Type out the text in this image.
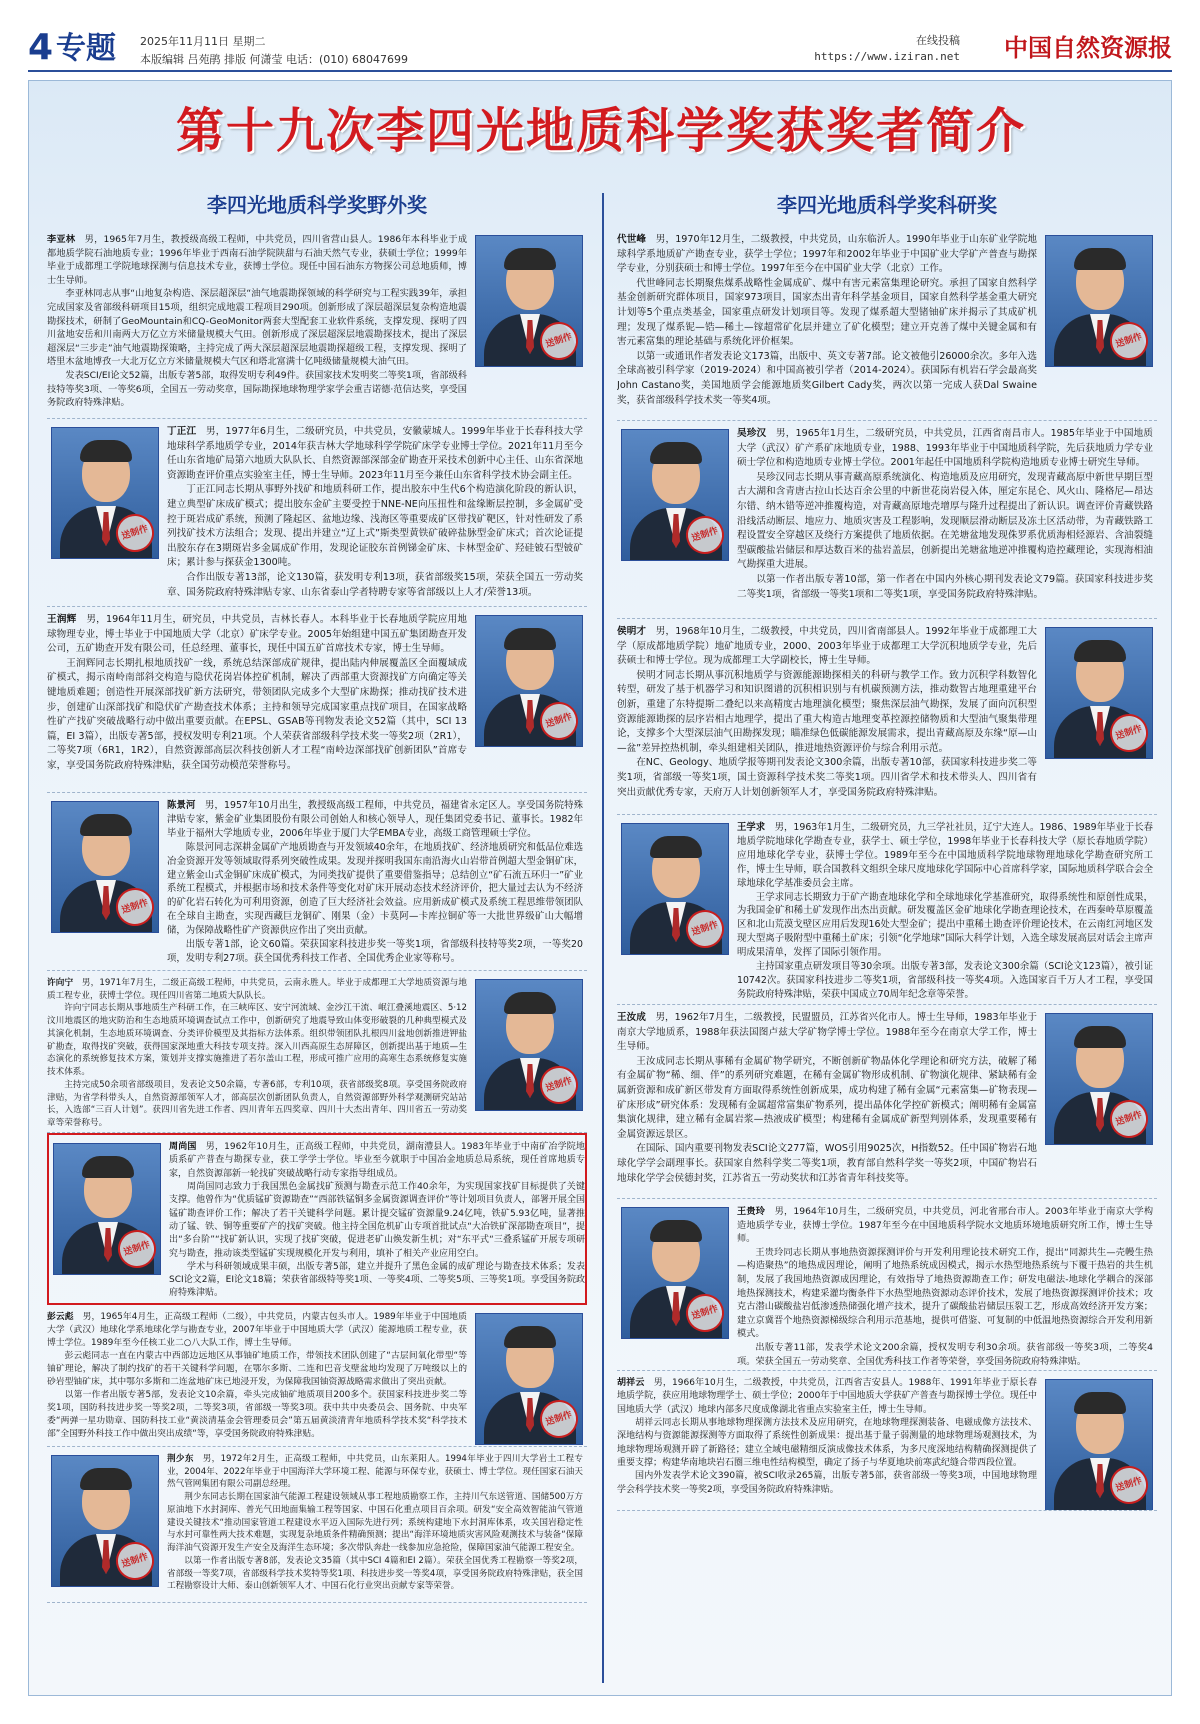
4 专题 2025年11月11日 星期二
本版编辑 吕苑鹃 排版 何潇莹 电话：(010) 68047699
在线投稿
https://www.iziran.net 中国自然资源报
第十九次李四光地质科学奖获奖者简介
李四光地质科学奖野外奖
送制作

李亚林　 男，1965年7月生，教授级高级工程师，中共党员，四川省营山县人。1986年本科毕业于成都地质学院石油地质专业；1996年毕业于西南石油学院陕甜与石油天然气专业，获硕士学位；1999年毕业于成都理工学院地球探测与信息技术专业，获博士学位。现任中国石油东方物探公司总地质师，博士生导师。

李亚林同志从事“山地复杂构造、深层超深层“油气地震勘探领域的科学研究与工程实践39年，承担完成国家及省部级科研项目15项，组织完成地震工程项目290项。创新形成了深层超深层复杂构造地震勘探技术，研制了GeoMountain和CQ-GeoMonitor两套大型配套工业软件系统，支撑发现、探明了四川盆地安岳和川南两大万亿立方米储量规模大气田。创新形成了深层超深层地震勘探技术，提出了深层超深层“三步走”油气地震勘探策略，主持完成了两大深层超深层地震勘探超级工程，支撑发现、探明了塔里木盆地博孜一大北万亿立方米储量规模大气区和塔北富满十亿吨级储量规模大油气田。

发表SCI/EI论文52篇，出版专著5部，取得发明专利49件。获国家技术发明奖二等奖1项，省部级科技特等奖3项、一等奖6项，全国五一劳动奖章，国际勘探地球物理学家学会重吉诺德·范信达奖，享受国务院政府特殊津贴。

送制作

丁正江　 男，1977年6月生，二级研究员，中共党员，安徽蒙城人。1999年毕业于长春科技大学地球科学系地质学专业，2014年获吉林大学地球科学学院矿床学专业博士学位。2021年11月至今任山东省地矿局第六地质大队队长、自然资源部深部金矿勘查开采技术创新中心主任、山东省深地资源勘查评价重点实验室主任，博士生导师。2023年11月至今兼任山东省科学技术协会副主任。

丁正江同志长期从事野外找矿和地质科研工作，提出胶东中生代6个构造演化阶段的新认识，建立典型矿床成矿模式；提出胶东金矿主要受控于NNE-NE向压扭性和盆缘断层控制，多金属矿受控于斑岩成矿系统，预测了隆起区、盆地边缘、浅海区等重要成矿区带找矿靶区，针对性研发了系列找矿技术方法组合；发现、提出并建立“辽上式”斯类型黄铁矿破碎盐脉型金矿床式；首次论证提出胶东存在3期斑岩多金属成矿作用，发现论证胶东首例锑金矿床、卡林型金矿、羟硅铍石型铍矿床；累计参与探获金1300吨。

合作出版专著13部，论文130篇，获发明专利13项，获省部级奖15项，荣获全国五一劳动奖章、国务院政府特殊津贴专家、山东省泰山学者特聘专家等省部级以上人才/荣誉13项。

送制作

王润辉　 男，1964年11月生，研究员，中共党员，吉林长春人。本科毕业于长春地质学院应用地球物理专业，博士毕业于中国地质大学（北京）矿床学专业。2005年始组建中国五矿集团勘查开发公司，五矿勘查开发有限公司，任总经理、董事长，现任中国五矿首席技术专家，博士生导师。

王润辉同志长期扎根地质找矿一线，系统总结深部成矿规律，提出陆内伸展覆盖区全面覆域成矿模式，揭示南岭南部斜交构造与隐伏花岗岩体控矿机制，解决了西部重大资源找矿方向确定等关键地质难题；创造性开展深部找矿新方法研究，带领团队完成多个大型矿床勘探；推动找矿技术进步，创建矿山深部找矿和隐伏矿产勘查技术体系；主持和领导完成国家重点找矿项目，在国家战略性矿产找矿突破战略行动中做出重要贡献。在EPSL、GSAB等刊物发表论文52篇（其中，SCI 13篇，EI 3篇），出版专著5部，授权发明专利21项。个人荣获省部级科学技术奖一等奖2项（2R1），二等奖7项（6R1，1R2），自然资源部高层次科技创新人才工程“南岭边深部找矿创新团队”首席专家，享受国务院政府特殊津贴，获全国劳动模范荣誉称号。

送制作

陈景河　 男，1957年10月出生，教授级高级工程师，中共党员，福建省永定区人。享受国务院特殊津贴专家，紫金矿业集团股份有限公司创始人和核心领导人，现任集团党委书记、董事长。1982年毕业于福州大学地质专业，2006年毕业于厦门大学EMBA专业，高级工商管理硕士学位。

陈景河同志深耕金属矿产地质勘查与开发领域40余年，在地质找矿、经济地质研究和低品位难选冶金资源开发等领域取得系列突破性成果。发现并探明我国东南沿海火山岩带首例超大型金铜矿床，建立紫金山式金铜矿床成矿模式，为同类找矿提供了重要借鉴指导；总结创立“矿石流五环归一”矿业系统工程模式，并根据市场和技术条件等变化对矿床开展动态技术经济评价，把大量过去认为不经济的矿化岩石转化为可利用资源，创造了巨大经济社会效益。应用新成矿模式及系统工程思维带领团队在全球自主勘查，实现西藏巨龙铜矿、刚果（金）卡莫阿—卡库拉铜矿等一大批世界级矿山大幅增储，为保障战略性矿产资源供应作出了突出贡献。

出版专著1部，论文60篇。荣获国家科技进步奖一等奖1项，省部级科技特等奖2项，一等奖20项，发明专利27项。获全国优秀科技工作者、全国优秀企业家等称号。

送制作

许向宁　 男，1971年7月生，二级正高级工程师，中共党员，云南永胜人。毕业于成都理工大学地质资源与地质工程专业，获博士学位。现任四川省第二地质大队队长。

许向宁同志长期从事地质生产科研工作，在三峡库区、安宁河流域、金沙江干流、岷江叠溪地震区、5·12汶川地震区的地灾防治和生态地质环境调查试点工作中，创新研究了地震导致山体变形破裂的几种典型模式及其演化机制，生态地质环境调查、分类评价模型及其指标方法体系。组织带领团队扎根四川盆地创新推进钾盐矿勘查，取得找矿突破，获得国家深地重大科技专项支持。深入川西高原生态屏障区，创新提出基于地质—生态演化的系统修复技术方案，策划并支撑实施推进了若尔盖山工程，形成可推广应用的高寒生态系统修复实施技术体系。

主持完成50余项省部级项目，发表论文50余篇，专著6部，专利10项，获省部级奖8项。享受国务院政府津贴，为省学科带头人，自然资源部领军人才，部高层次创新团队负责人，自然资源部野外科学观测研究站站长，入选部“三百人计划”。获四川省先进工作者、四川青年五四奖章、四川十大杰出青年、四川省五一劳动奖章等荣誉称号。

送制作

周尚国　 男，1962年10月生，正高级工程师，中共党员，湖南澧县人。1983年毕业于中南矿冶学院地质系矿产普查与勘探专业，获工学学士学位。毕业至今就职于中国冶金地质总局系统，现任首席地质专家，自然资源部新一轮找矿突破战略行动专家指导组成员。

周尚国同志致力于我国黑色金属找矿预测与勘查示范工作40余年，为实现国家找矿目标提供了关键支撑。他曾作为“优质锰矿资源勘查”“西部铁锰铜多金属资源调查评价”等计划项目负责人，部署开展全国锰矿勘查评价工作；解决了若干关键科学问题。累计提交锰矿资源量9.24亿吨，铁矿5.93亿吨，显著推动了锰、铁、铜等重要矿产的找矿突破。他主持全国危机矿山专项首批试点“大冶铁矿深部勘查项目”，提出“多台阶”“找矿新认识，实现了找矿突破，促进老矿山焕发新生机；对“东平式“三叠系锰矿开展专项研究与勘查，推动该类型锰矿实现规模化开发与利用，填补了相关产业应用空白。

学术与科研领域成果丰硕，出版专著5部，建立并提升了黑色金属的成矿理论与勘查技术体系；发表SCI论文2篇，EI论文18篇；荣获省部级特等奖1项、一等奖4项、二等奖5项、三等奖1项。享受国务院政府特殊津贴。

送制作

彭云彪　 男，1965年4月生，正高级工程师（二级），中共党员，内蒙古包头市人。1989年毕业于中国地质大学（武汉）地球化学系地球化学与勘查专业，2007年毕业于中国地质大学（武汉）能源地质工程专业，获博士学位。1989年至今任核工业二○八大队工作，博士生导师。

彭云彪同志一直在内蒙古中西部边远地区从事铀矿地质工作，带领技术团队创建了“古层间氧化带型“等铀矿理论，解决了制约找矿的若干关键科学问题，在鄂尔多斯、二连和巴音戈壁盆地均发现了万吨级以上的砂岩型铀矿床，其中鄂尔多斯和二连盆地矿床已地浸开发，为保障我国铀资源战略需求做出了突出贡献。

以第一作者出版专著5部，发表论文10余篇，牵头完成铀矿地质项目200多个。获国家科技进步奖二等奖1项，国防科技进步奖一等奖2项，二等奖3项，省部级一等奖3项。获中共中央委员会、国务院、中央军委“两弹一星功勋章、国防科技工业“黄淡清基金会管理委员会”第五届黄淡清青年地质科学技术奖“科学技术部”全国野外科技工作中做出突出成绩“等，享受国务院政府特殊津贴。

送制作

荆少东　 男，1972年2月生，正高级工程师，中共党员，山东莱阳人。1994年毕业于四川大学岩土工程专业，2004年、2022年毕业于中国海洋大学环境工程、能源与环保专业，获硕士、博士学位。现任国家石油天然气管网集团有限公司副总经理。

荆少东同志长期在国家油气能源工程建设领域从事工程地质勘察工作，主持川气东送管道、国储500万方原油地下水封洞库、普光气田地面集输工程等国家、中国石化重点项目百余项。研发“安全高效智能油气管道建设关键技术“推动国家管道工程建设水平迈入国际先进行列；系统构建地下水封洞库体系，攻关国岩稳定性与水封可靠性两大技术难题，实现复杂地质条件精确预测；提出“海洋环境地质灾害风险观测技术与装备“保障海洋油气资源开发生产安全及海洋生态环境；多次带队奔赴一线参加应急抢险，保障国家油气能源工程安全。

以第一作者出版专著8部，发表论文35篇（其中SCI 4篇和EI 2篇）。荣获全国优秀工程勘察一等奖2项，省部级一等奖7项，省部级科学技术奖特等奖1项、科技进步奖一等奖4项，享受国务院政府特殊津贴，获全国工程勘察设计大师、泰山创新领军人才、中国石化行业突出贡献专家等荣誉。

李四光地质科学奖科研奖
送制作

代世峰　 男，1970年12月生，二级教授，中共党员，山东临沂人。1990年毕业于山东矿业学院地球科学系地质矿产勘查专业，获学士学位；1997年和2002年毕业于中国矿业大学矿产普查与勘探学专业，分别获硕士和博士学位。1997年至今在中国矿业大学（北京）工作。

代世峰同志长期聚焦煤系战略性金属成矿、煤中有害元素富集理论研究。承担了国家自然科学基金创新研究群体项目，国家973项目，国家杰出青年科学基金项目，国家自然科学基金重大研究计划等5个重点类基金，国家重点研发计划项目等。发现了煤系超大型锗铀矿床并揭示了其成矿机理；发现了煤系铌—锆—稀土—镓超常矿化层并建立了矿化模型；建立开克善了煤中关键金属和有害元素富集的理论基础与系统化评价框架。

以第一或通讯作者发表论文173篇，出版中、英文专著7部。论文被他引26000余次。多年入选全球高被引科学家（2019-2024）和中国高被引学者（2014-2024）。获国际有机岩石学会最高奖John Castano奖，美国地质学会能源地质奖Gilbert Cady奖，两次以第一完成人获Dal Swaine奖，获省部级科学技术奖一等奖4项。

送制作

吴珍汉　 男，1965年1月生，二级研究员，中共党员，江西省南昌市人。1985年毕业于中国地质大学（武汉）矿产系矿床地质专业，1988、1993年毕业于中国地质科学院，先后获地质力学专业硕士学位和构造地质专业博士学位。2001年起任中国地质科学院构造地质专业博士研究生导师。

吴珍汉同志长期从事青藏高原系统演化、构造地质及应用研究，发现青藏高原中新世早期巨型古大湖和含青唐古拉山长达百余公里的中新世花岗岩侵入体，厘定东昆仑、风火山、隆格尼—昂达尔错、纳木错等逆冲推覆构造，对青藏高原地壳增厚与隆升过程提出了新认识。调查评价青藏铁路沿线活动断层、地应力、地质灾害及工程影响，发现顺层滑动断层及冻土区活动带，为青藏铁路工程设置安全穿越区及绕行方案提供了地质依据。在羌塘盆地发现侏罗系优质海相烃源岩、含油裂缝型碳酸盐岩储层和厚达数百米的盐岩盖层，创新提出羌塘盆地逆冲推覆构造控藏理论，实现海相油气勘探重大进展。

以第一作者出版专著10部，第一作者在中国内外核心期刊发表论文79篇。获国家科技进步奖二等奖1项，省部级一等奖1项和二等奖1项，享受国务院政府特殊津贴。

送制作

侯明才　 男，1968年10月生，二级教授，中共党员，四川省南部县人。1992年毕业于成都理工大学（原成都地质学院）地矿地质专业，2000、2003年毕业于成都理工大学沉积地质学专业，先后获硕士和博士学位。现为成都理工大学副校长，博士生导师。

侯明才同志长期从事沉积地质学与资源能源勘探相关的科研与教学工作。致力沉积学科数智化转型，研发了基于机器学习和知识图谱的沉积相识别与有机碳预测方法，推动数智古地理重建平台创新，重建了东特提斯二叠纪以来高精度古地理演化模型；聚焦深层油气勘探，发展了面向沉积型资源能源勘探的层序岩相古地理学，提出了重大构造古地理变革控源控储物质和大型油气聚集带理论，支撑多个大型深层油气田勘探发现；瞄准绿色低碳能源发展需求，提出青藏高原及东缘“原—山—盆”差异控热机制，牵头组建相关团队，推进地热资源评价与综合利用示范。

在NC、Geology、地质学报等期刊发表论文300余篇，出版专著10部，获国家科技进步奖二等奖1项，省部级一等奖1项，国土资源科学技术奖二等奖1项。四川省学术和技术带头人、四川省有突出贡献优秀专家，天府万人计划创新领军人才，享受国务院政府特殊津贴。

送制作

王学求　 男，1963年1月生，二级研究员，九三学社社员，辽宁大连人。1986、1989年毕业于长春地质学院地球化学勘查专业，获学士、硕士学位，1998年毕业于长春科技大学（原长春地质学院）应用地球化学专业，获博士学位。1989年至今在中国地质科学院地球物理地球化学勘查研究所工作，博士生导师，联合国教科文组织全球尺度地球化学国际中心首席科学家，国际地质科学联合会全球地球化学基准委员会主席。

王学求同志长期致力于矿产勘查地球化学和全球地球化学基准研究，取得系统性和原创性成果，为我国金矿和稀土矿发现作出杰出贡献。研发覆盖区金矿地球化学勘查理论技术，在西秦岭草原覆盖区和北山荒漠戈壁区应用后发现16处大型金矿；提出中重稀土勘查评价理论技术，在云南红河地区发现大型离子吸附型中重稀土矿床；引领“化学地球”国际大科学计划，入选全球发展高层对话会主席声明成果清单，发挥了国际引领作用。

主持国家重点研发项目等30余项。出版专著3部，发表论文300余篇（SCI论文123篇），被引证10742次。获国家科技进步二等奖1项，省部级科技一等奖4项。入选国家百千万人才工程，享受国务院政府特殊津贴，荣获中国成立70周年纪念章等荣誉。

送制作

王汝成　 男，1962年7月生，二级教授，民盟盟员，江苏省兴化市人。博士生导师，1983年毕业于南京大学地质系，1988年获法国图卢兹大学矿物学博士学位。1988年至今在南京大学工作，博士生导师。

王汝成同志长期从事稀有金属矿物学研究，不断创新矿物晶体化学理论和研究方法，破解了稀有金属矿物“稀、细、伴”的系列研究难题，在稀有金属矿物形成机制、矿物演化规律、紧缺稀有金属新资源和成矿新区带发育方面取得系统性创新成果，成功构建了稀有金属“元素富集—矿物表现—矿床形成”研究体系：发现稀有金属超常富集矿物系列，提出晶体化学控矿新模式；阐明稀有金属富集演化规律，建立稀有金属岩浆—热液成矿模型；构建稀有金属成矿新型判别体系，发现重要稀有金属资源远景区。

在国际、国内重要刊物发表SCI论文277篇，WOS引用9025次，H指数52。任中国矿物岩石地球化学学会副理事长。获国家自然科学奖二等奖1项，教育部自然科学奖一等奖2项，中国矿物岩石地球化学学会侯德封奖，江苏省五一劳动奖状和江苏省青年科技奖等。

送制作

王贵玲　 男，1964年10月生，二级研究员，中共党员，河北省邢台市人。2003年毕业于南京大学构造地质学专业，获博士学位。1987年至今在中国地质科学院水文地质环境地质研究所工作，博士生导师。

王贵玲同志长期从事地热资源探测评价与开发利用理论技术研究工作，提出“同源共生—壳幔生热—构造聚热”的地热成因理论，阐明了地热系统成因模式，揭示水热型地热系统与下覆干热岩的共生机制，发展了我国地热资源成因理论，有效指导了地热资源勘查工作；研发电磁法-地球化学耦合的深部地热探测技术，构建采灌均衡条件下水热型地热资源动态评价技术，发展了地热资源探测评价技术；攻克古潜山碳酸盐岩低渗透热储强化增产技术，提升了碳酸盐岩储层压裂工艺，形成高效经济开发方案；建立京冀晋个地热资源梯级综合利用示范基地，提供可借鉴、可复制的中低温地热资源综合开发利用新模式。

出版专著11部，发表学术论文200余篇，授权发明专利30余项。获省部级一等奖3项，二等奖4项。荣获全国五一劳动奖章、全国优秀科技工作者等荣誉，享受国务院政府特殊津贴。

送制作

胡祥云　 男，1966年10月生，二级教授，中共党员，江西省吉安县人。1988年、1991年毕业于原长春地质学院，获应用地球物理学士、硕士学位；2000年于中国地质大学获矿产普查与勘探博士学位。现任中国地质大学（武汉）地球内部多尺度成像湖北省重点实验室主任，博士生导师。

胡祥云同志长期从事地球物理探测方法技术及应用研究，在地球物理探测装备、电磁成像方法技术、深地结构与资源能源探测等方面取得了系统性创新成果：提出基于量子弱测量的地球物理场观测技术，为地球物理场观测开辟了新路径；建立全域电磁精细反演成像技术体系，为多尺度深地结构精确探测提供了重要支撑；构建华南地块岩石圈三维电性结构模型，确定了扬子与华夏地块前寒武纪缝合带西段位置。

国内外发表学术论文390篇，被SCI收录265篇，出版专著5部，获省部级一等奖3项，中国地球物理学会科学技术奖一等奖2项，享受国务院政府特殊津贴。
